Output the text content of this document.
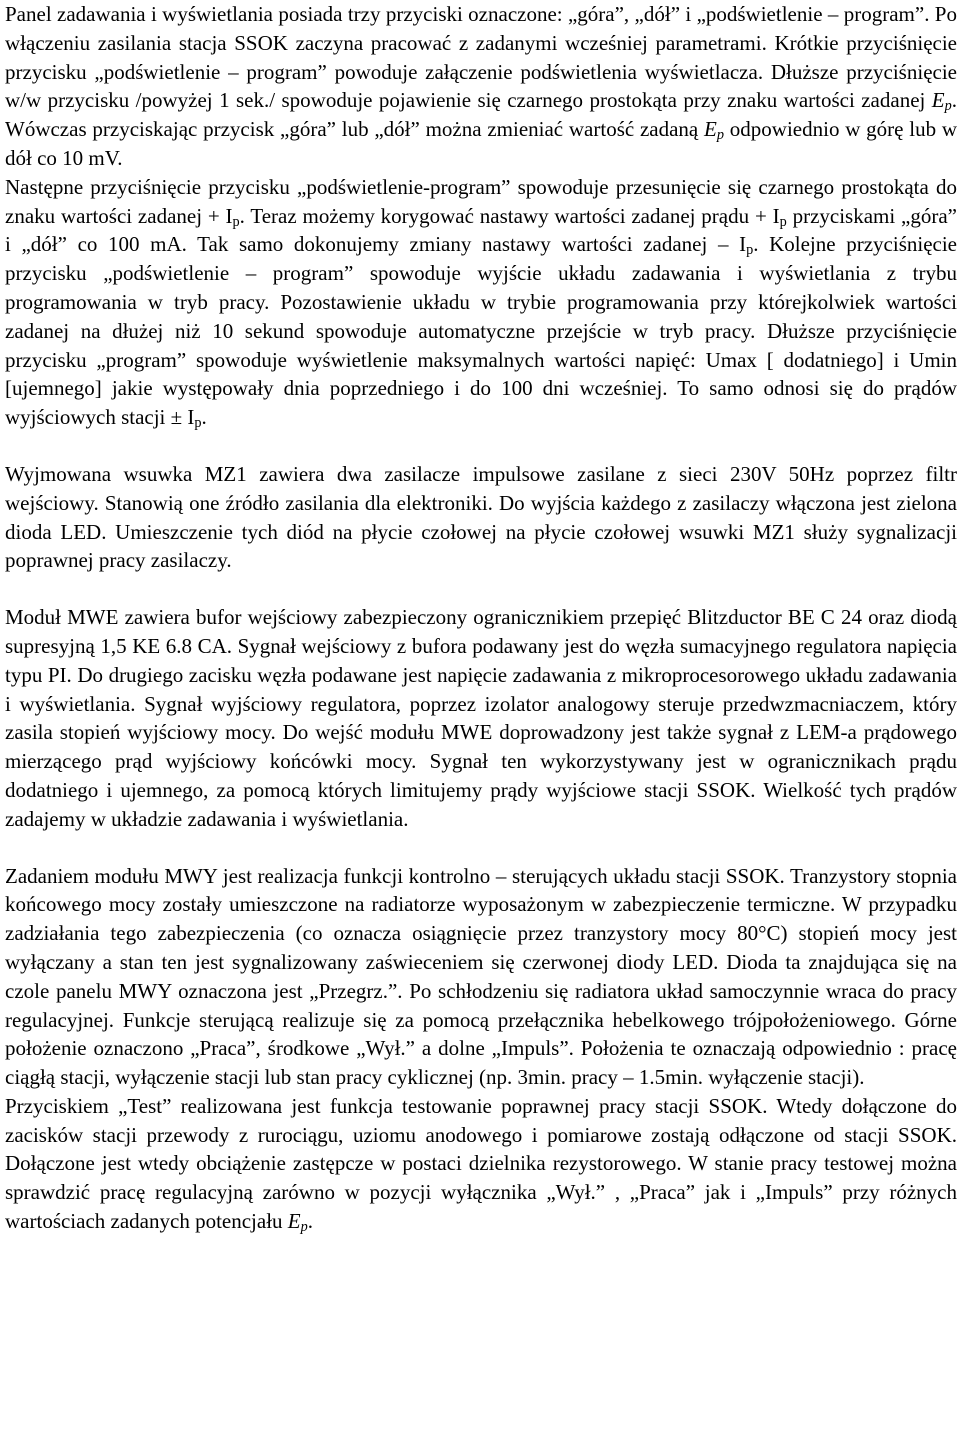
Panel zadawania i wyświetlania posiada trzy przyciski oznaczone: „góra”, „dół” i „podświetlenie – program”. Po włączeniu zasilania stacja SSOK zaczyna pracować z zadanymi wcześniej parametrami. Krótkie przyciśnięcie przycisku „podświetlenie – program” powoduje załączenie podświetlenia wyświetlacza. Dłuższe przyciśnięcie w/w przycisku /powyżej 1 sek./ spowoduje pojawienie się czarnego prostokąta przy znaku wartości zadanej $E_p$. Wówczas przyciskając przycisk „góra” lub „dół” można zmieniać wartość zadaną $E_p$ odpowiednio w górę lub w dół co 10 mV.

Następne przyciśnięcie przycisku „podświetlenie-program” spowoduje przesunięcie się czarnego prostokąta do znaku wartości zadanej + $I_p$. Teraz możemy korygować nastawy wartości zadanej prądu + $I_p$ przyciskami „góra” i „dół” co 100 mA. Tak samo dokonujemy zmiany nastawy wartości zadanej – $I_p$. Kolejne przyciśnięcie przycisku „podświetlenie – program” spowoduje wyjście układu zadawania i wyświetlania z trybu programowania w tryb pracy. Pozostawienie układu w trybie programowania przy którejkolwiek wartości zadanej na dłużej niż 10 sekund spowoduje automatyczne przejście w tryb pracy. Dłuższe przyciśnięcie przycisku „program” spowoduje wyświetlenie maksymalnych wartości napięć: Umax [ dodatniego] i Umin [ujemnego] jakie występowały dnia poprzedniego i do 100 dni wcześniej. To samo odnosi się do prądów wyjściowych stacji ± $I_p$.

Wyjmowana wsuwka MZ1 zawiera dwa zasilacze impulsowe zasilane z sieci 230V 50Hz poprzez filtr wejściowy. Stanowią one źródło zasilania dla elektroniki. Do wyjścia każdego z zasilaczy włączona jest zielona dioda LED. Umieszczenie tych diód na płycie czołowej na płycie czołowej wsuwki MZ1 służy sygnalizacji poprawnej pracy zasilaczy.

Moduł MWE zawiera bufor wejściowy zabezpieczony ogranicznikiem przepięć Blitzductor BE C 24 oraz diodą supresyjną 1,5 KE 6.8 CA. Sygnał wejściowy z bufora podawany jest do węzła sumacyjnego regulatora napięcia typu PI. Do drugiego zacisku węzła podawane jest napięcie zadawania z mikroprocesorowego układu zadawania i wyświetlania. Sygnał wyjściowy regulatora, poprzez izolator analogowy steruje przedwzmacniaczem, który zasila stopień wyjściowy mocy. Do wejść modułu MWE doprowadzony jest także sygnał z LEM-a prądowego mierzącego prąd wyjściowy końcówki mocy. Sygnał ten wykorzystywany jest w ogranicznikach prądu dodatniego i ujemnego, za pomocą których limitujemy prądy wyjściowe stacji SSOK. Wielkość tych prądów zadajemy w układzie zadawania i wyświetlania.

Zadaniem modułu MWY jest realizacja funkcji kontrolno – sterujących układu stacji SSOK. Tranzystory stopnia końcowego mocy zostały umieszczone na radiatorze wyposażonym w zabezpieczenie termiczne. W przypadku zadziałania tego zabezpieczenia (co oznacza osiągnięcie przez tranzystory mocy 80°C) stopień mocy jest wyłączany a stan ten jest sygnalizowany zaświeceniem się czerwonej diody LED. Dioda ta znajdująca się na czole panelu MWY oznaczona jest „Przegrz.”. Po schłodzeniu się radiatora układ samoczynnie wraca do pracy regulacyjnej. Funkcje sterującą realizuje się za pomocą przełącznika hebelkowego trójpołożeniowego. Górne położenie oznaczono „Praca”, środkowe „Wył.” a dolne „Impuls”. Położenia te oznaczają odpowiednio : pracę ciągłą stacji, wyłączenie stacji lub stan pracy cyklicznej (np. 3min. pracy – 1.5min. wyłączenie stacji).

Przyciskiem „Test” realizowana jest funkcja testowanie poprawnej pracy stacji SSOK. Wtedy dołączone do zacisków stacji przewody z rurociągu, uziomu anodowego i pomiarowe zostają odłączone od stacji SSOK. Dołączone jest wtedy obciążenie zastępcze w postaci dzielnika rezystorowego. W stanie pracy testowej można sprawdzić pracę regulacyjną zarówno w pozycji wyłącznika „Wył.” , „Praca” jak i „Impuls” przy różnych wartościach zadanych potencjału $E_p$.
